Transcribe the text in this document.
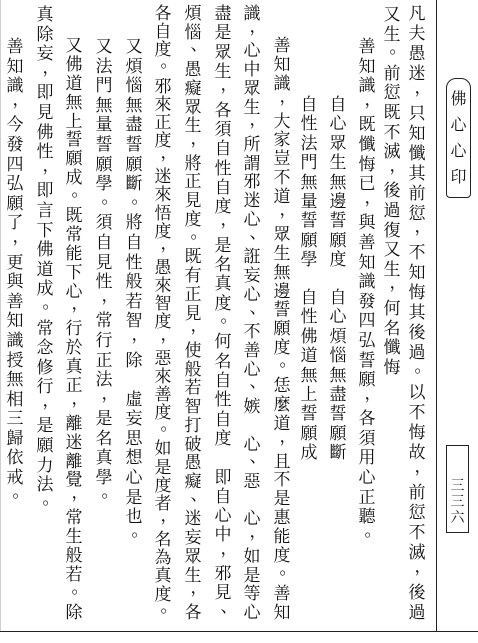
凡
夫
愚
迷
，
只
知
懺
其
前
愆
，
不
知
悔
其
後
過
。
以
不
悔
故
，
前
愆
不
滅
，
後
過
又
生
。
前
愆
既
不
滅
，
後
過
復
又
生
，
何
名
懺
悔
善
知
識
，
既
懺
悔
已
，
與
善
知
識
發
四
弘
誓
願
，
各
須
用
心
正
聽
。
自
心
眾
生
無
邊
誓
願
度
自
心
煩
惱
無
盡
誓
願
斷
自
性
法
門
無
量
誓
願
學
自
性
佛
道
無
上
誓
願
成
善
知
識
，
大
家
豈
不
道
，
眾
生
無
邊
誓
願
度
。
恁
麼
道
，
且
不
是
惠
能
度
。
善
知
識
，
心
中
眾
生
，
所
謂
邪
迷
心
、
誑
妄
心
、
不
善
心
、
嫉

心
、
惡

心
，
如
是
等
心
盡
是
眾
生
，
各
須
自
性
自
度
，
是
名
真
度
。
何
名
自
性
自
度

即
自
心
中
，
邪
見
、
煩
惱
、
愚
癡
眾
生
，
將
正
見
度
。
既
有
正
見
，
使
般
若
智
打
破
愚
癡
、
迷
妄
眾
生
，
各
各
自
度
。
邪
來
正
度
，
迷
來
悟
度
，
愚
來
智
度
，
惡
來
善
度
。
如
是
度
者
，
名
為
真
度
。
又
煩
惱
無
盡
誓
願
斷
。
將
自
性
般
若
智
，
除

虛
妄
思
想
心
是
也
。
又
法
門
無
量
誓
願
學
。
須
自
見
性
，
常
行
正
法
，
是
名
真
學
。
又
佛
道
無
上
誓
願
成
。
既
常
能
下
心
，
行
於
真
正
，
離
迷
離
覺
，
常
生
般
若
。
除
真
除
妄
，
即
見
佛
性
，
即
言
下
佛
道
成
。
常
念
修
行
，
是
願
力
法
。
善
知
識
，
今
發
四
弘
願
了
，
更
與
善
知
識
授
無
相
三
歸
依
戒
。
佛
心
心
印
三
三
六
